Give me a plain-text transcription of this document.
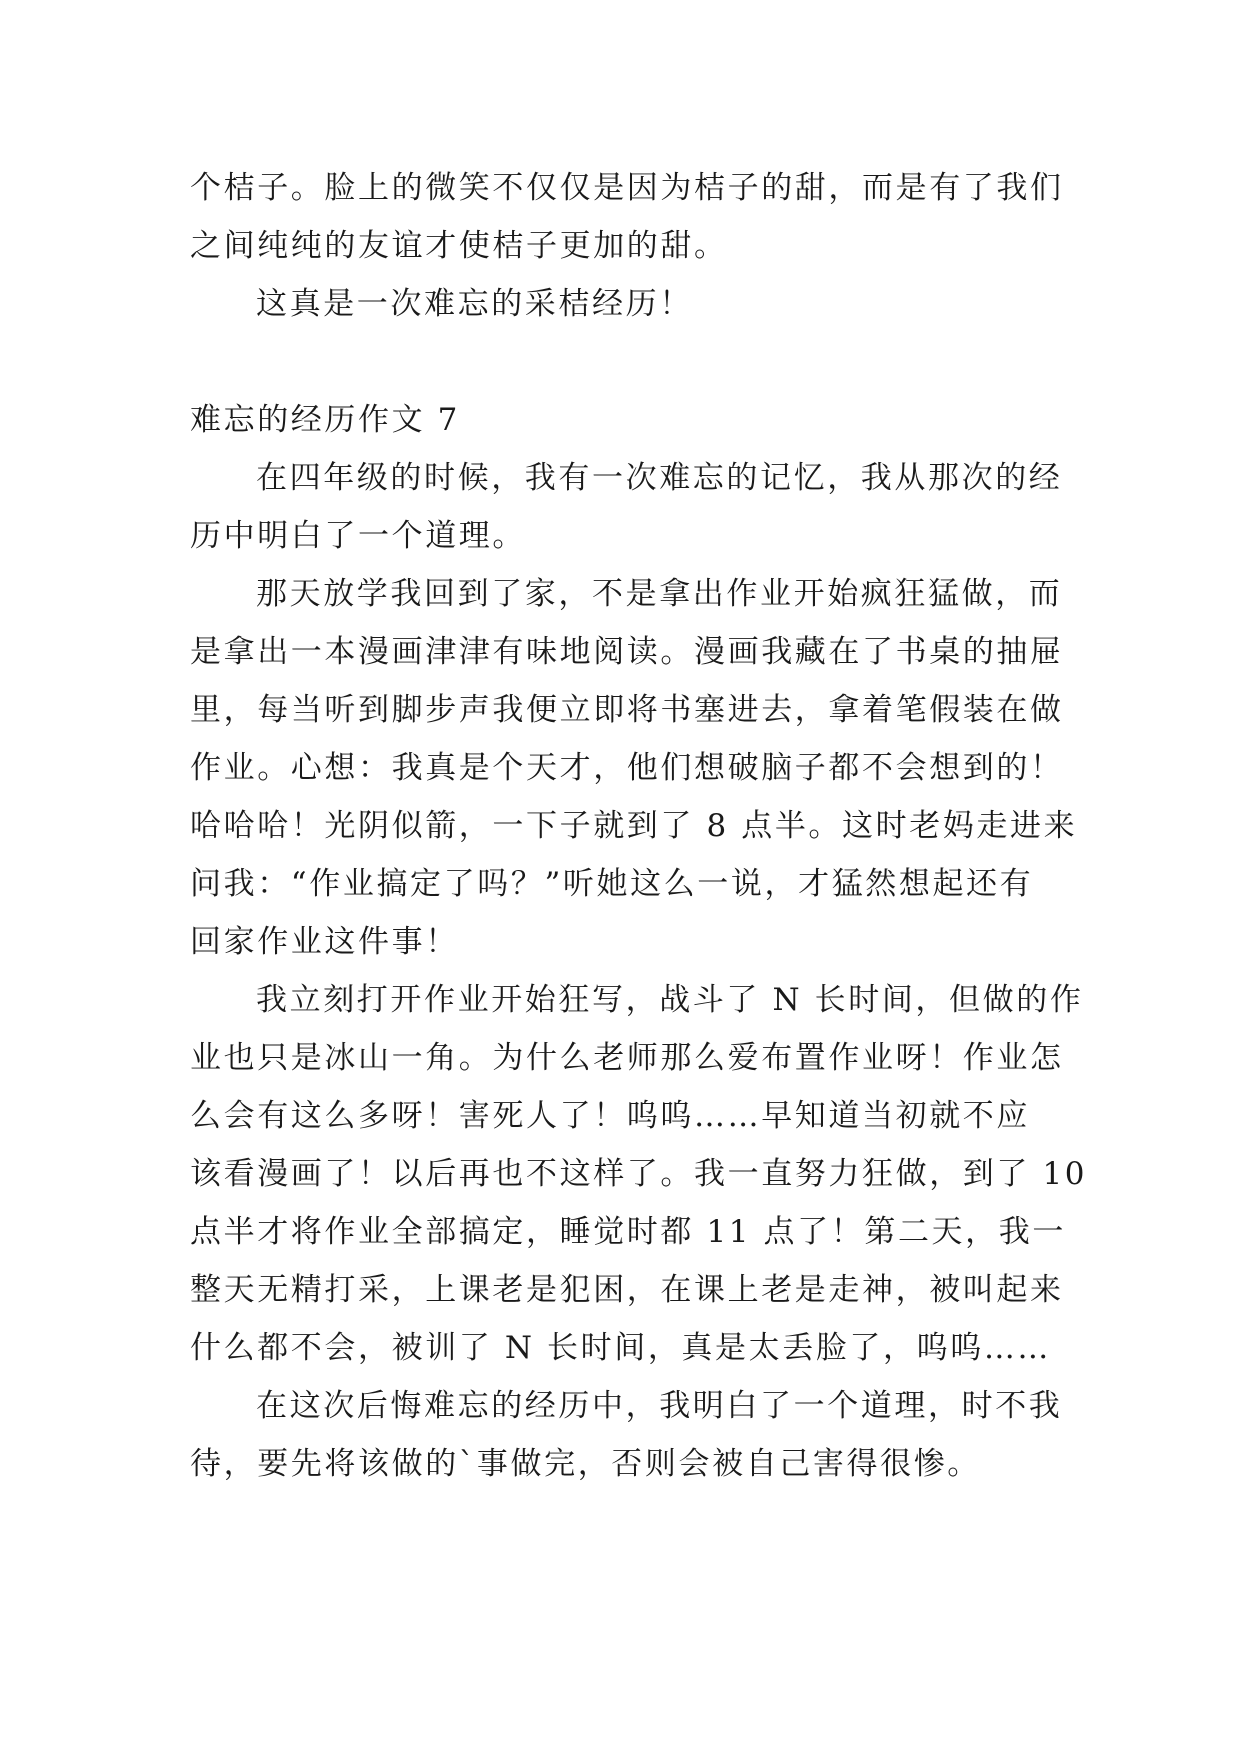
个桔子。脸上的微笑不仅仅是因为桔子的甜，而是有了我们
之间纯纯的友谊才使桔子更加的甜。
这真是一次难忘的采桔经历！
难忘的经历作文 7
在四年级的时候，我有一次难忘的记忆，我从那次的经
历中明白了一个道理。
那天放学我回到了家，不是拿出作业开始疯狂猛做，而
是拿出一本漫画津津有味地阅读。漫画我藏在了书桌的抽屉
里，每当听到脚步声我便立即将书塞进去，拿着笔假装在做
作业。心想：我真是个天才，他们想破脑子都不会想到的！
哈哈哈！光阴似箭，一下子就到了 8 点半。这时老妈走进来
问我：“作业搞定了吗？”听她这么一说，才猛然想起还有
回家作业这件事！
我立刻打开作业开始狂写，战斗了 N 长时间，但做的作
业也只是冰山一角。为什么老师那么爱布置作业呀！作业怎
么会有这么多呀！害死人了！呜呜……早知道当初就不应
该看漫画了！以后再也不这样了。我一直努力狂做，到了 10
点半才将作业全部搞定，睡觉时都 11 点了！第二天，我一
整天无精打采，上课老是犯困，在课上老是走神，被叫起来
什么都不会，被训了 N 长时间，真是太丢脸了，呜呜……
在这次后悔难忘的经历中，我明白了一个道理，时不我
待，要先将该做的`事做完，否则会被自己害得很惨。
